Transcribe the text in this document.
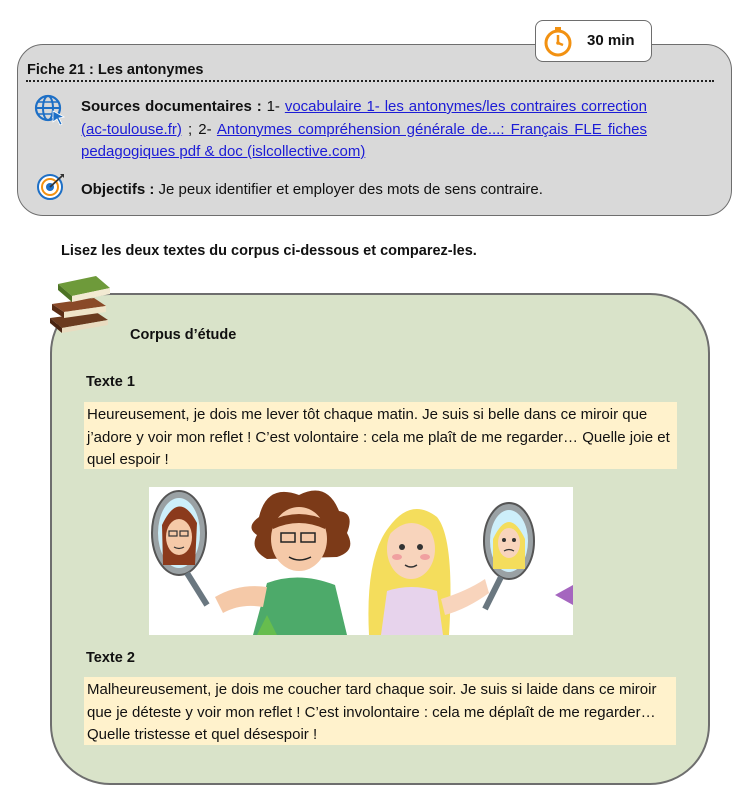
30 min
Fiche 21 : Les antonymes
Sources documentaires : 1- vocabulaire 1- les antonymes/les contraires correction (ac-toulouse.fr) ; 2- Antonymes compréhension générale de...: Français FLE fiches pedagogiques pdf & doc (islcollective.com)
Objectifs : Je peux identifier et employer des mots de sens contraire.
Lisez les deux textes du corpus ci-dessous et comparez-les.
Corpus d’étude
Texte 1
Heureusement, je dois me lever tôt chaque matin. Je suis si belle dans ce miroir que j’adore y voir mon reflet ! C’est volontaire : cela me plaît de me regarder… Quelle joie et quel espoir !
Texte 2
Malheureusement, je dois me coucher tard chaque soir. Je suis si laide dans ce miroir que je déteste y voir mon reflet ! C’est involontaire : cela me déplaît de me regarder… Quelle tristesse et quel désespoir !
